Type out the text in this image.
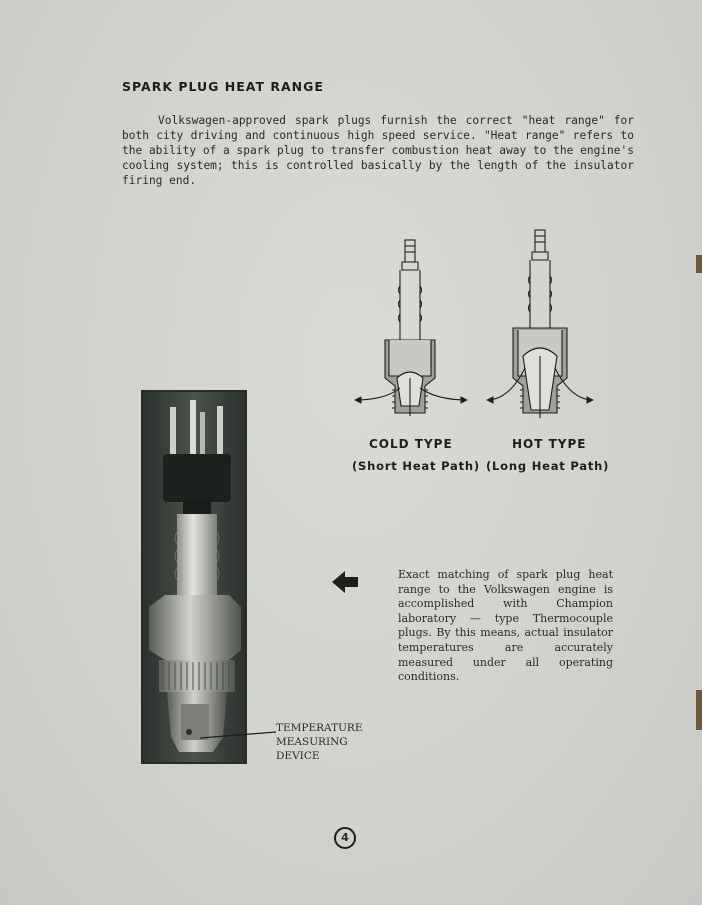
SPARK PLUG HEAT RANGE

Volkswagen-approved spark plugs furnish the correct "heat range" for both city driving and continuous high speed service. "Heat range" refers to the ability of a spark plug to transfer combustion heat away to the engine's cooling system; this is controlled basically by the length of the insulator firing end.

COLD TYPE	HOT TYPE
(Short Heat Path) (Long Heat Path)
TEMPERATURE
MEASURING
DEVICE

Exact matching of spark plug heat range to the Volkswagen engine is accomplished with Champion laboratory — type Thermocouple plugs. By this means, actual insulator temperatures are accurately measured under all operating conditions.

4
